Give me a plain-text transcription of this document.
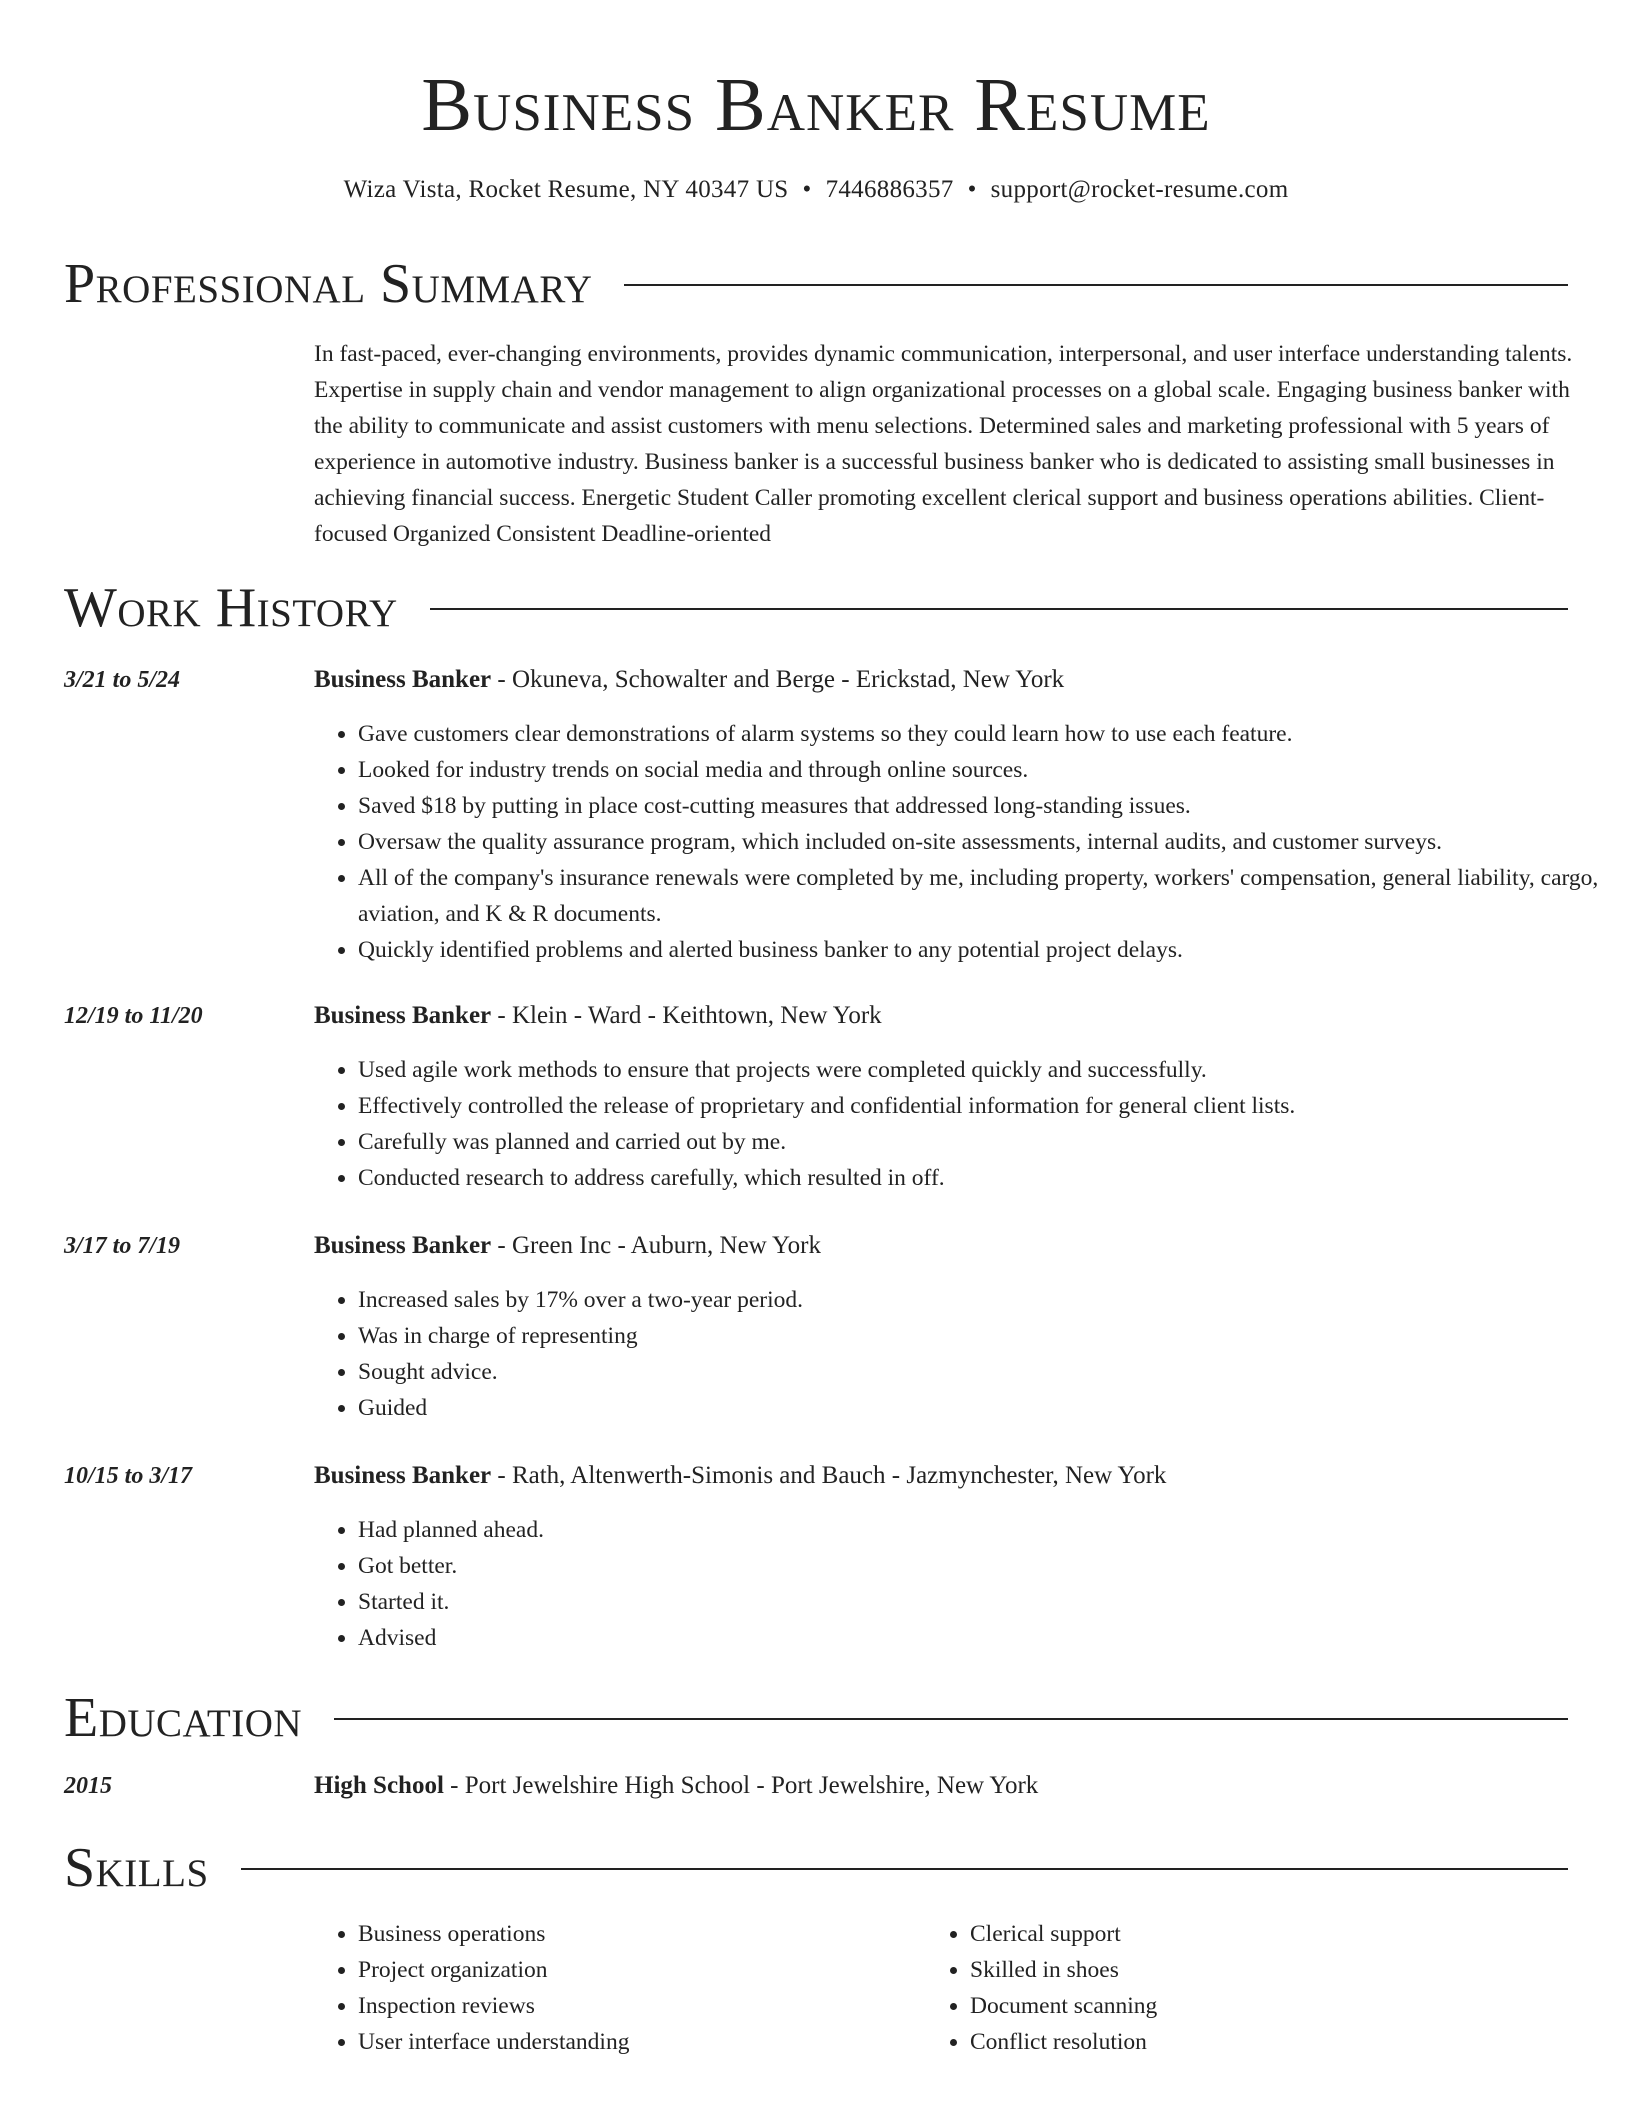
Business Banker Resume
Wiza Vista, Rocket Resume, NY 40347 US • 7446886357 • support@rocket-resume.com
Professional Summary

In fast-paced, ever-changing environments, provides dynamic communication, interpersonal, and user interface understanding talents. Expertise in supply chain and vendor management to align organizational processes on a global scale. Engaging business banker with the ability to communicate and assist customers with menu selections. Determined sales and marketing professional with 5 years of experience in automotive industry. Business banker is a successful business banker who is dedicated to assisting small businesses in achieving financial success. Energetic Student Caller promoting excellent clerical support and business operations abilities. Client-focused Organized Consistent Deadline-oriented

Work History
3/21 to 5/24	Business Banker - Okuneva, Schowalter and Berge - Erickstad, New York
• Gave customers clear demonstrations of alarm systems so they could learn how to use each feature.
• Looked for industry trends on social media and through online sources.
• Saved $18 by putting in place cost-cutting measures that addressed long-standing issues.
• Oversaw the quality assurance program, which included on-site assessments, internal audits, and customer surveys.
• All of the company's insurance renewals were completed by me, including property, workers' compensation, general liability, cargo, aviation, and K & R documents.
• Quickly identified problems and alerted business banker to any potential project delays.
12/19 to 11/20	Business Banker - Klein - Ward - Keithtown, New York
• Used agile work methods to ensure that projects were completed quickly and successfully.
• Effectively controlled the release of proprietary and confidential information for general client lists.
• Carefully was planned and carried out by me.
• Conducted research to address carefully, which resulted in off.
3/17 to 7/19	Business Banker - Green Inc - Auburn, New York
• Increased sales by 17% over a two-year period.
• Was in charge of representing
• Sought advice.
• Guided
10/15 to 3/17	Business Banker - Rath, Altenwerth-Simonis and Bauch - Jazmynchester, New York
• Had planned ahead.
• Got better.
• Started it.
• Advised
Education
2015	High School - Port Jewelshire High School - Port Jewelshire, New York
Skills
• Business operations
• Project organization
• Inspection reviews
• User interface understanding
• Clerical support
• Skilled in shoes
• Document scanning
• Conflict resolution
